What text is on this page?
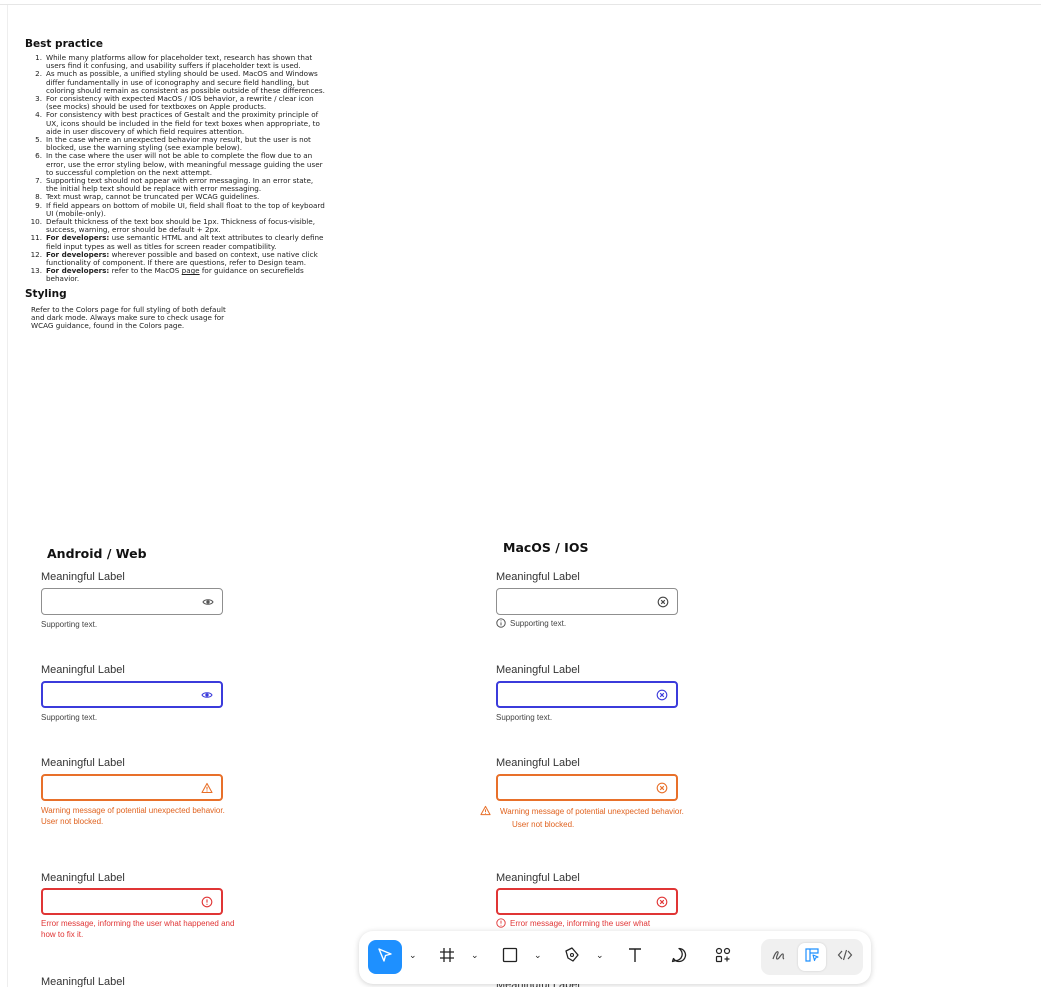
Best practice
1. While many platforms allow for placeholder text, research has shown that users find it confusing, and usability suffers if placeholder text is used.
2. As much as possible, a unified styling should be used. MacOS and Windows differ fundamentally in use of iconography and secure field handling, but coloring should remain as consistent as possible outside of these differences.
3. For consistency with expected MacOS / IOS behavior, a rewrite / clear icon (see mocks) should be used for textboxes on Apple products.
4. For consistency with best practices of Gestalt and the proximity principle of UX, icons should be included in the field for text boxes when appropriate, to aide in user discovery of which field requires attention.
5. In the case where an unexpected behavior may result, but the user is not blocked, use the warning styling (see example below).
6. In the case where the user will not be able to complete the flow due to an error, use the error styling below, with meaningful message guiding the user to successful completion on the next attempt.
7. Supporting text should not appear with error messaging. In an error state, the initial help text should be replace with error messaging.
8. Text must wrap, cannot be truncated per WCAG guidelines.
9. If field appears on bottom of mobile UI, field shall float to the top of keyboard UI (mobile-only).
10. Default thickness of the text box should be 1px. Thickness of focus-visible, success, warning, error should be default + 2px.
11. For developers: use semantic HTML and alt text attributes to clearly define field input types as well as titles for screen reader compatibility.
12. For developers: wherever possible and based on context, use native click functionality of component. If there are questions, refer to Design team.
13. For developers: refer to the MacOS page for guidance on securefields behavior.
Styling
Refer to the Colors page for full styling of both default and dark mode. Always make sure to check usage for WCAG guidance, found in the Colors page.
Android / Web
Meaningful Label
Supporting text.
Meaningful Label
Supporting text.
Meaningful Label
Warning message of potential unexpected behavior. User not blocked.
Meaningful Label
Error message, informing the user what happened and how to fix it.
Meaningful Label
MacOS / IOS
Meaningful Label
Supporting text.
Meaningful Label
Supporting text.
Meaningful Label
Warning message of potential unexpected behavior. User not blocked.
Meaningful Label
Error message, informing the user what
⌄	⌄	⌄	⌄
